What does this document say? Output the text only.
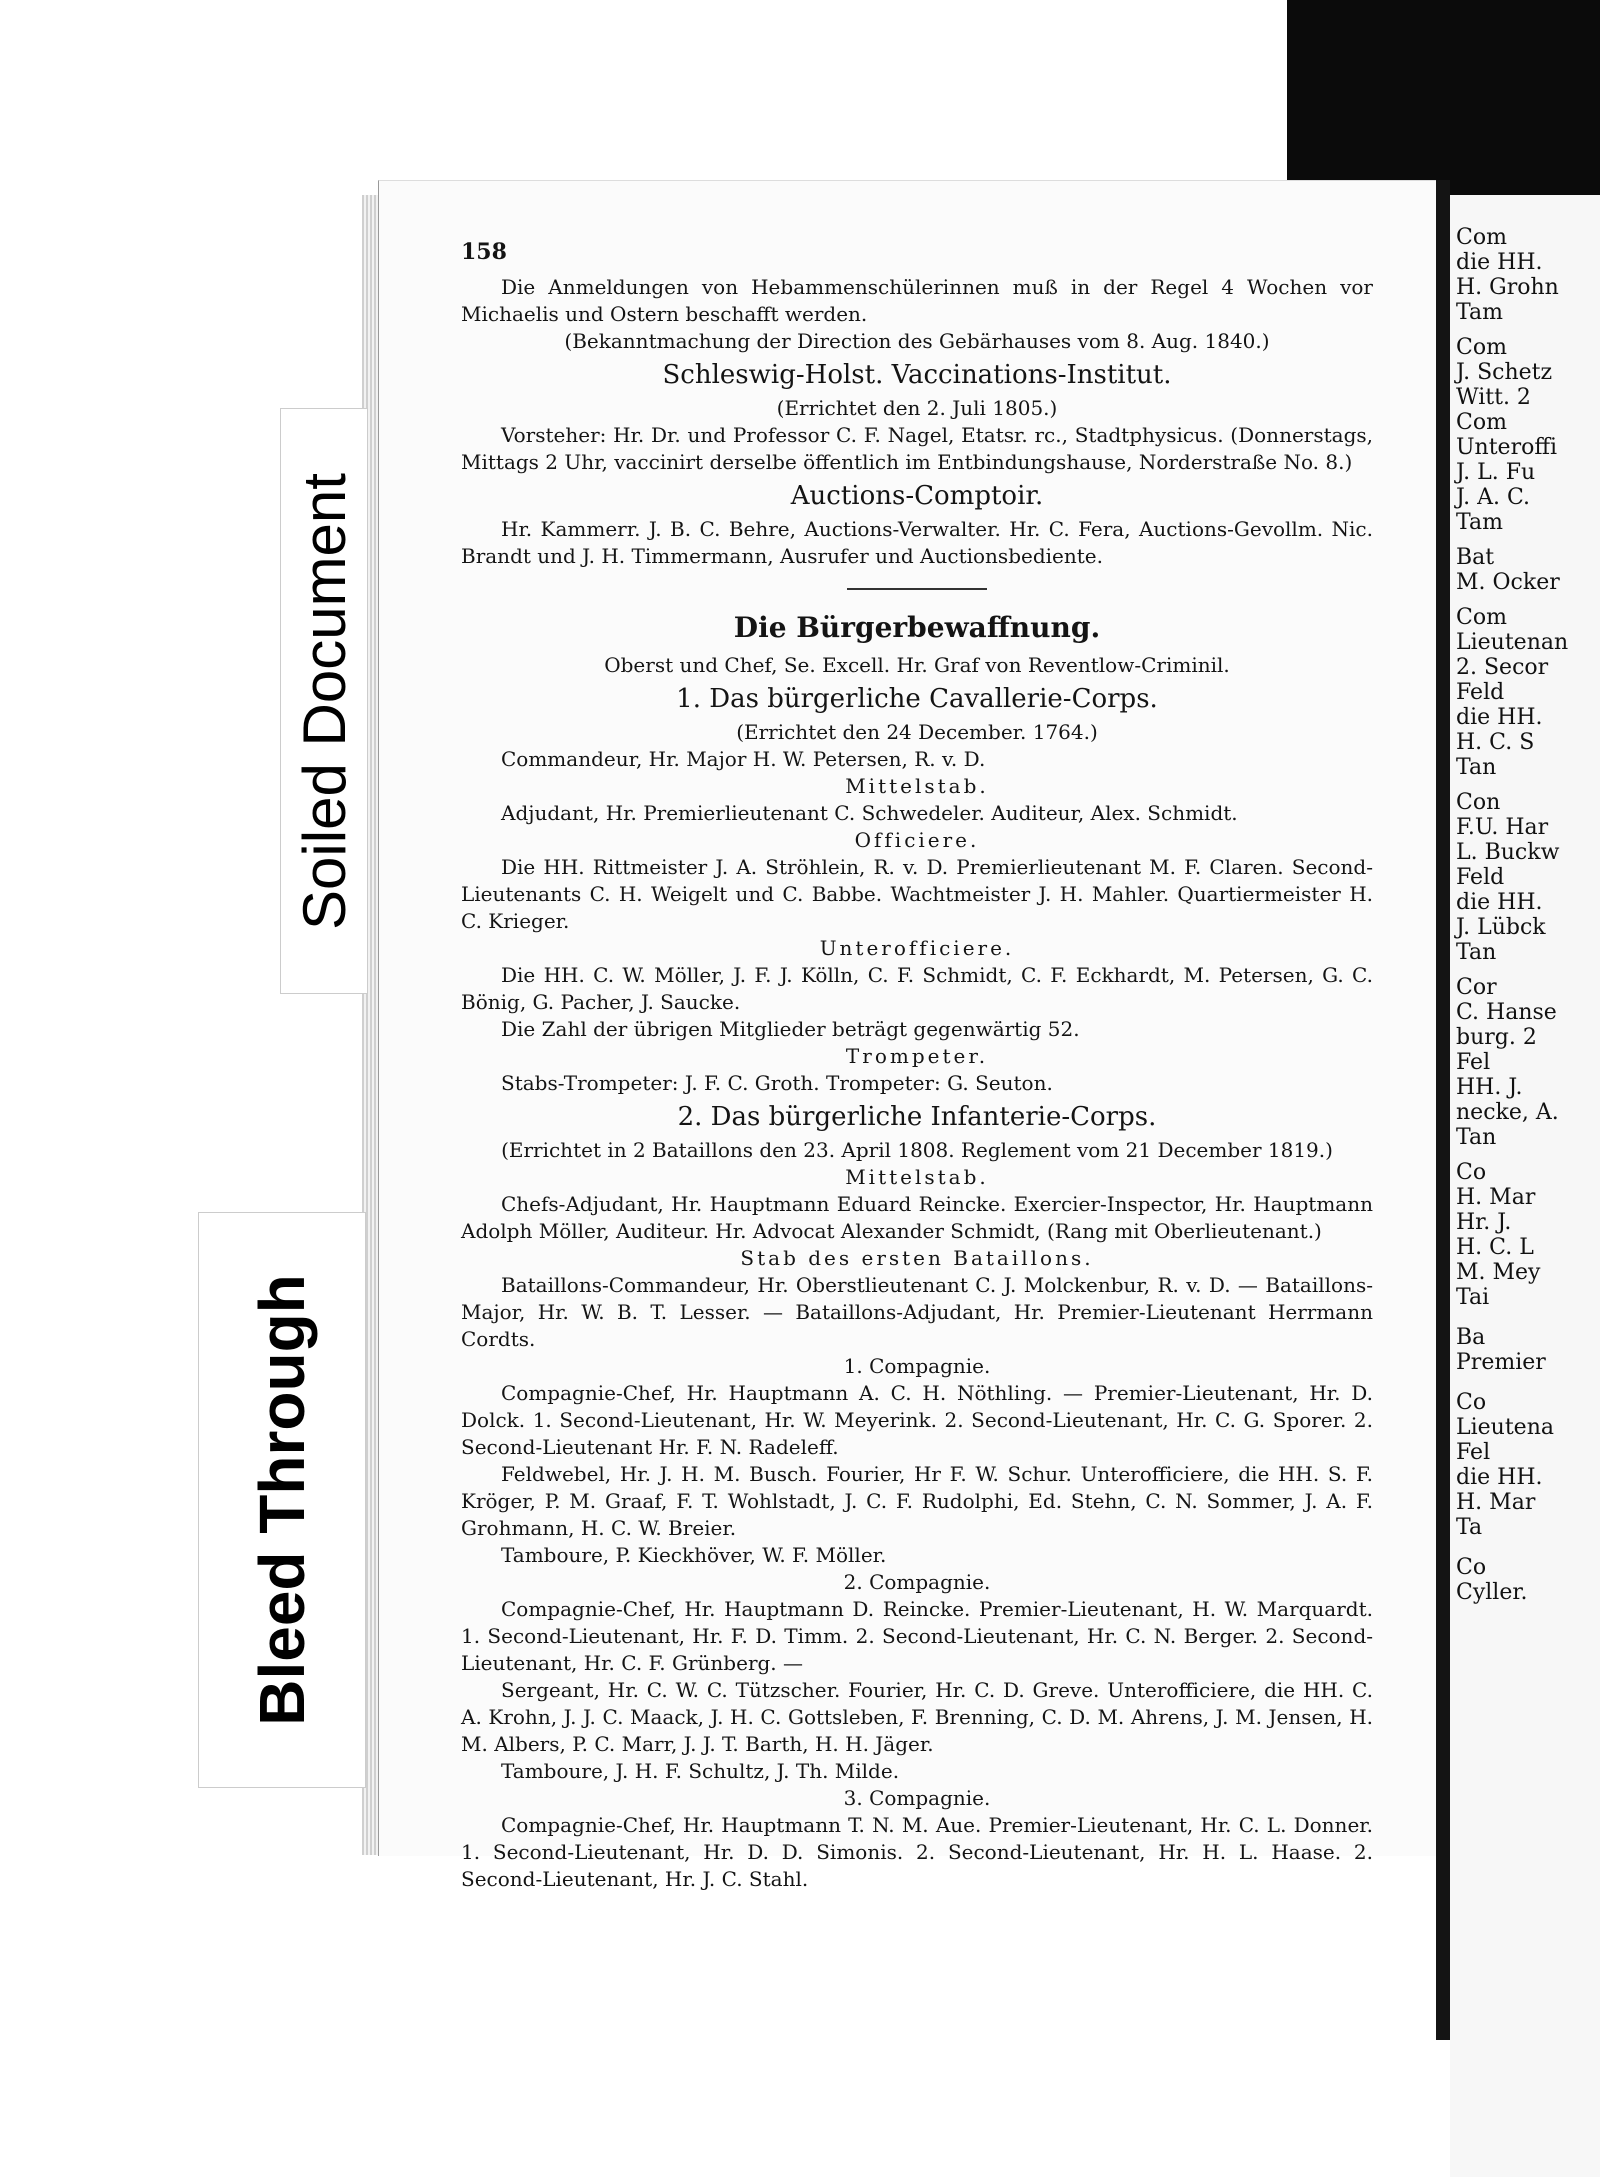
158
Die Anmeldungen von Hebammenschülerinnen muß in der Regel 4 Wochen vor Michaelis und Ostern beschafft werden.
(Bekanntmachung der Direction des Gebärhauses vom 8. Aug. 1840.)
Schleswig-Holst. Vaccinations-Institut.
(Errichtet den 2. Juli 1805.)
Vorsteher: Hr. Dr. und Professor C. F. Nagel, Etatsr. rc., Stadtphysicus. (Donnerstags, Mittags 2 Uhr, vaccinirt derselbe öffentlich im Entbindungshause, Norderstraße No. 8.)
Auctions-Comptoir.
Hr. Kammerr. J. B. C. Behre, Auctions-Verwalter. Hr. C. Fera, Auctions-Gevollm. Nic. Brandt und J. H. Timmermann, Ausrufer und Auctionsbediente.
Die Bürgerbewaffnung.
Oberst und Chef, Se. Excell. Hr. Graf von Reventlow-Criminil.
1. Das bürgerliche Cavallerie-Corps.
(Errichtet den 24 December. 1764.)
Commandeur, Hr. Major H. W. Petersen, R. v. D.
Mittelstab.
Adjudant, Hr. Premierlieutenant C. Schwedeler. Auditeur, Alex. Schmidt.
Officiere.
Die HH. Rittmeister J. A. Ströhlein, R. v. D. Premierlieutenant M. F. Claren. Second-Lieutenants C. H. Weigelt und C. Babbe. Wachtmeister J. H. Mahler. Quartiermeister H. C. Krieger.
Unterofficiere.
Die HH. C. W. Möller, J. F. J. Kölln, C. F. Schmidt, C. F. Eckhardt, M. Petersen, G. C. Bönig, G. Pacher, J. Saucke.
Die Zahl der übrigen Mitglieder beträgt gegenwärtig 52.
Trompeter.
Stabs-Trompeter: J. F. C. Groth. Trompeter: G. Seuton.
2. Das bürgerliche Infanterie-Corps.
(Errichtet in 2 Bataillons den 23. April 1808. Reglement vom 21 December 1819.)
Mittelstab.
Chefs-Adjudant, Hr. Hauptmann Eduard Reincke. Exercier-Inspector, Hr. Hauptmann Adolph Möller, Auditeur. Hr. Advocat Alexander Schmidt, (Rang mit Oberlieutenant.)
Stab des ersten Bataillons.
Bataillons-Commandeur, Hr. Oberstlieutenant C. J. Molckenbur, R. v. D. — Bataillons-Major, Hr. W. B. T. Lesser. — Bataillons-Adjudant, Hr. Premier-Lieutenant Herrmann Cordts.
1. Compagnie.
Compagnie-Chef, Hr. Hauptmann A. C. H. Nöthling. — Premier-Lieutenant, Hr. D. Dolck. 1. Second-Lieutenant, Hr. W. Meyerink. 2. Second-Lieutenant, Hr. C. G. Sporer. 2. Second-Lieutenant Hr. F. N. Radeleff.
Feldwebel, Hr. J. H. M. Busch. Fourier, Hr F. W. Schur. Unterofficiere, die HH. S. F. Kröger, P. M. Graaf, F. T. Wohlstadt, J. C. F. Rudolphi, Ed. Stehn, C. N. Sommer, J. A. F. Grohmann, H. C. W. Breier.
Tamboure, P. Kieckhöver, W. F. Möller.
2. Compagnie.
Compagnie-Chef, Hr. Hauptmann D. Reincke. Premier-Lieutenant, H. W. Marquardt. 1. Second-Lieutenant, Hr. F. D. Timm. 2. Second-Lieutenant, Hr. C. N. Berger. 2. Second-Lieutenant, Hr. C. F. Grünberg. —
Sergeant, Hr. C. W. C. Tützscher. Fourier, Hr. C. D. Greve. Unterofficiere, die HH. C. A. Krohn, J. J. C. Maack, J. H. C. Gottsleben, F. Brenning, C. D. M. Ahrens, J. M. Jensen, H. M. Albers, P. C. Marr, J. J. T. Barth, H. H. Jäger.
Tamboure, J. H. F. Schultz, J. Th. Milde.
3. Compagnie.
Compagnie-Chef, Hr. Hauptmann T. N. M. Aue. Premier-Lieutenant, Hr. C. L. Donner. 1. Second-Lieutenant, Hr. D. D. Simonis. 2. Second-Lieutenant, Hr. H. L. Haase. 2. Second-Lieutenant, Hr. J. C. Stahl.
Com
die HH.
H. Grohn
Tam
Com
J. Schetz
Witt. 2
Com
Unteroffi
J. L. Fu
J. A. C.
Tam
Bat
M. Ocker
Com
Lieutenan
2. Secor
Feld
die HH.
H. C. S
Tan
Con
F.U. Har
L. Buckw
Feld
die HH.
J. Lübck
Tan
Cor
C. Hanse
burg. 2
Fel
HH. J.
necke, A.
Tan
Co
H. Mar
Hr. J.
H. C. L
M. Mey
Tai
Ba
Premier
Co
Lieutena
Fel
die HH.
H. Mar
Ta
Co
Cyller.
Soiled Document
Bleed Through
